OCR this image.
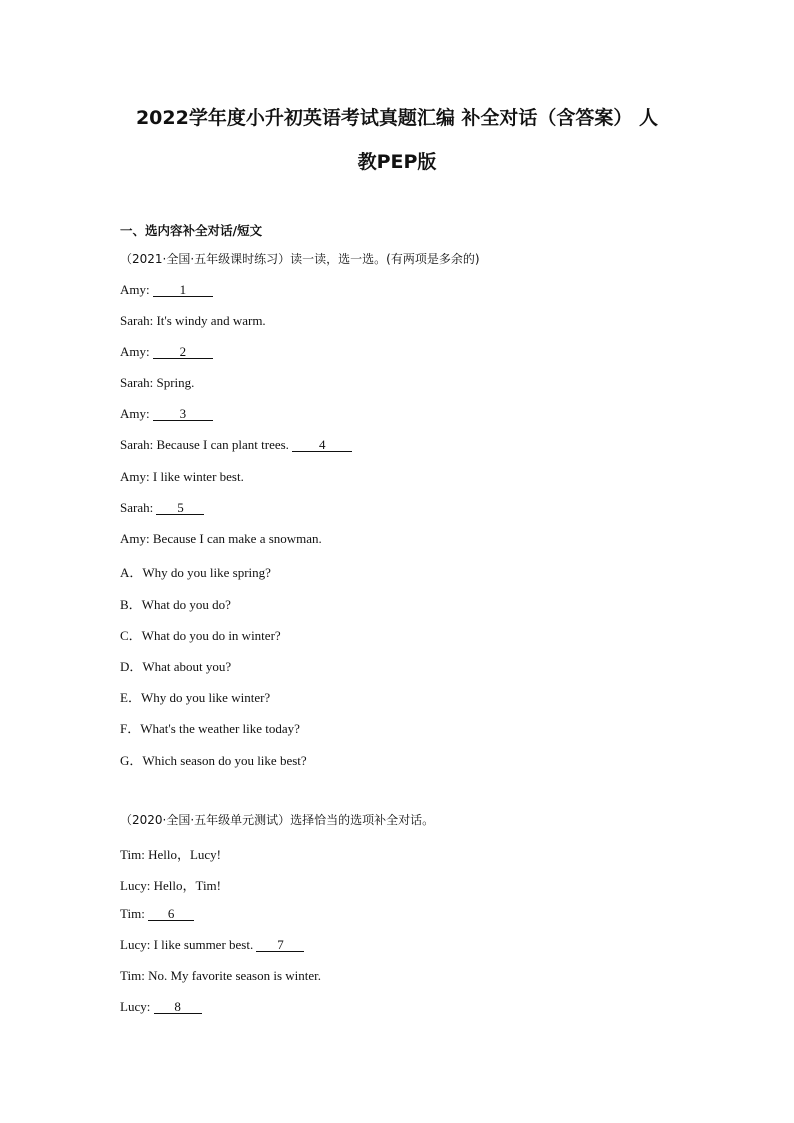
2022学年度小升初英语考试真题汇编 补全对话（含答案） 人
教PEP版
一、选内容补全对话/短文
（2021·全国·五年级课时练习）读一读，选一选。(有两项是多余的)
Amy: 1
Sarah: It's windy and warm.
Amy: 2
Sarah: Spring.
Amy: 3
Sarah: Because I can plant trees. 4
Amy: I like winter best.
Sarah: 5
Amy: Because I can make a snowman.
A．Why do you like spring?
B．What do you do?
C．What do you do in winter?
D．What about you?
E．Why do you like winter?
F．What's the weather like today?
G．Which season do you like best?
（2020·全国·五年级单元测试）选择恰当的选项补全对话。
Tim: Hello，Lucy!
Lucy: Hello，Tim!
Tim: 6
Lucy: I like summer best. 7
Tim: No. My favorite season is winter.
Lucy: 8
